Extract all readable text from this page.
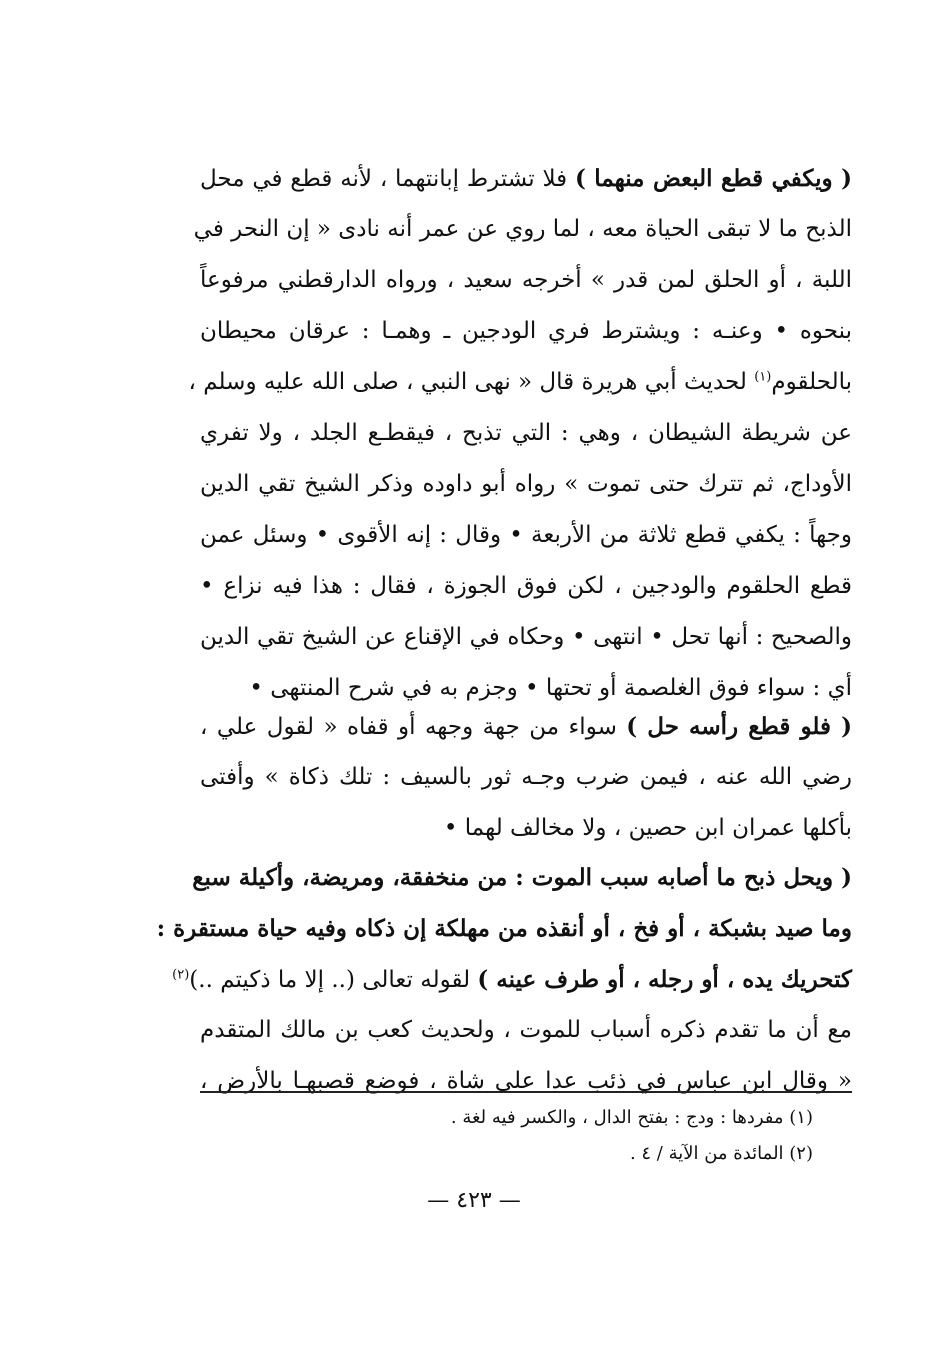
( ويكفي قطع البعض منهما ) فلا تشترط إبانتهما ، لأنه قطع في محل
الذبح ما لا تبقى الحياة معه ، لما روي عن عمر أنه نادى « إن النحر في
اللبة ، أو الحلق لمن قدر » أخرجه سعيد ، ورواه الدارقطني مرفوعاً
بنحوه • وعنـه : ويشترط فري الودجين ـ وهمـا : عرقان محيطان
بالحلقوم$^{(١)}$ لحديث أبي هريرة قال « نهى النبي ، صلى الله عليه وسلم ،
عن شريطة الشيطان ، وهي : التي تذبح ، فيقطـع الجلد ، ولا تفري
الأوداج، ثم تترك حتى تموت » رواه أبو داوده وذكر الشيخ تقي الدين
وجهاً : يكفي قطع ثلاثة من الأربعة • وقال : إنه الأقوى • وسئل عمن
قطع الحلقوم والودجين ، لكن فوق الجوزة ، فقال : هذا فيه نزاع •
والصحيح : أنها تحل • انتهى • وحكاه في الإقناع عن الشيخ تقي الدين
أي : سواء فوق الغلصمة أو تحتها • وجزم به في شرح المنتهى •
( فلو قطع رأسه حل ) سواء من جهة وجهه أو قفاه « لقول علي ،
رضي الله عنه ، فيمن ضرب وجـه ثور بالسيف : تلك ذكاة » وأفتى
بأكلها عمران ابن حصين ، ولا مخالف لهما •
( ويحل ذبح ما أصابه سبب الموت : من منخفقة، ومريضة، وأكيلة سبع
وما صيد بشبكة ، أو فخ ، أو أنقذه من مهلكة إن ذكاه وفيه حياة مستقرة :
كتحريك يده ، أو رجله ، أو طرف عينه ) لقوله تعالى (.. إلا ما ذكيتم ..)$^{(٢)}$
مع أن ما تقدم ذكره أسباب للموت ، ولحديث كعب بن مالك المتقدم
« وقال ابن عباس في ذئب عدا على شاة ، فوضع قصبهـا بالأرض ،
(١) مفردها : ودج : بفتح الدال ، والكسر فيه لغة .
(٢) المائدة من الآية / ٤ .
— ٤٢٣ —
